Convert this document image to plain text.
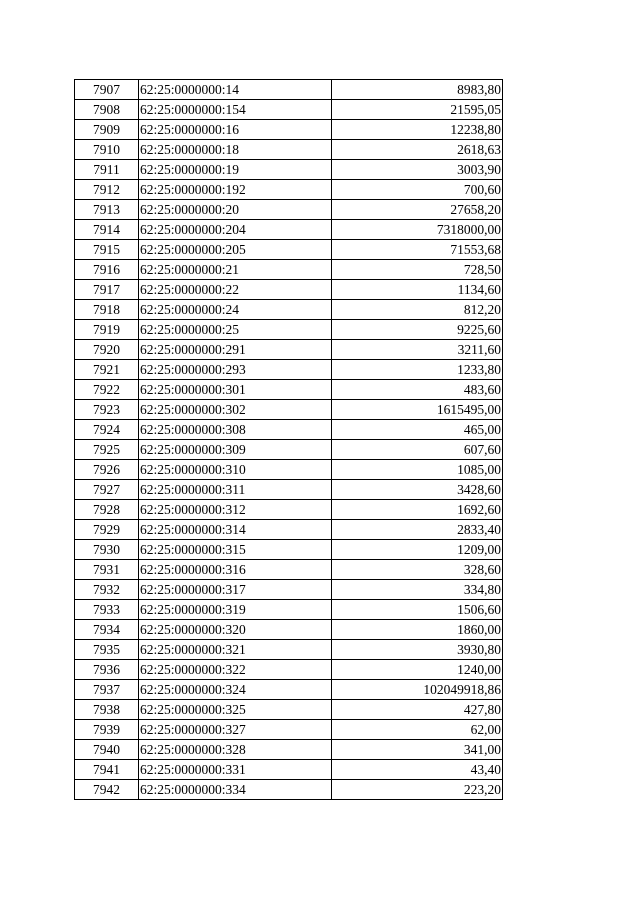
7907	62:25:0000000:14	8983,80
7908	62:25:0000000:154	21595,05
7909	62:25:0000000:16	12238,80
7910	62:25:0000000:18	2618,63
7911	62:25:0000000:19	3003,90
7912	62:25:0000000:192	700,60
7913	62:25:0000000:20	27658,20
7914	62:25:0000000:204	7318000,00
7915	62:25:0000000:205	71553,68
7916	62:25:0000000:21	728,50
7917	62:25:0000000:22	1134,60
7918	62:25:0000000:24	812,20
7919	62:25:0000000:25	9225,60
7920	62:25:0000000:291	3211,60
7921	62:25:0000000:293	1233,80
7922	62:25:0000000:301	483,60
7923	62:25:0000000:302	1615495,00
7924	62:25:0000000:308	465,00
7925	62:25:0000000:309	607,60
7926	62:25:0000000:310	1085,00
7927	62:25:0000000:311	3428,60
7928	62:25:0000000:312	1692,60
7929	62:25:0000000:314	2833,40
7930	62:25:0000000:315	1209,00
7931	62:25:0000000:316	328,60
7932	62:25:0000000:317	334,80
7933	62:25:0000000:319	1506,60
7934	62:25:0000000:320	1860,00
7935	62:25:0000000:321	3930,80
7936	62:25:0000000:322	1240,00
7937	62:25:0000000:324	102049918,86
7938	62:25:0000000:325	427,80
7939	62:25:0000000:327	62,00
7940	62:25:0000000:328	341,00
7941	62:25:0000000:331	43,40
7942	62:25:0000000:334	223,20
